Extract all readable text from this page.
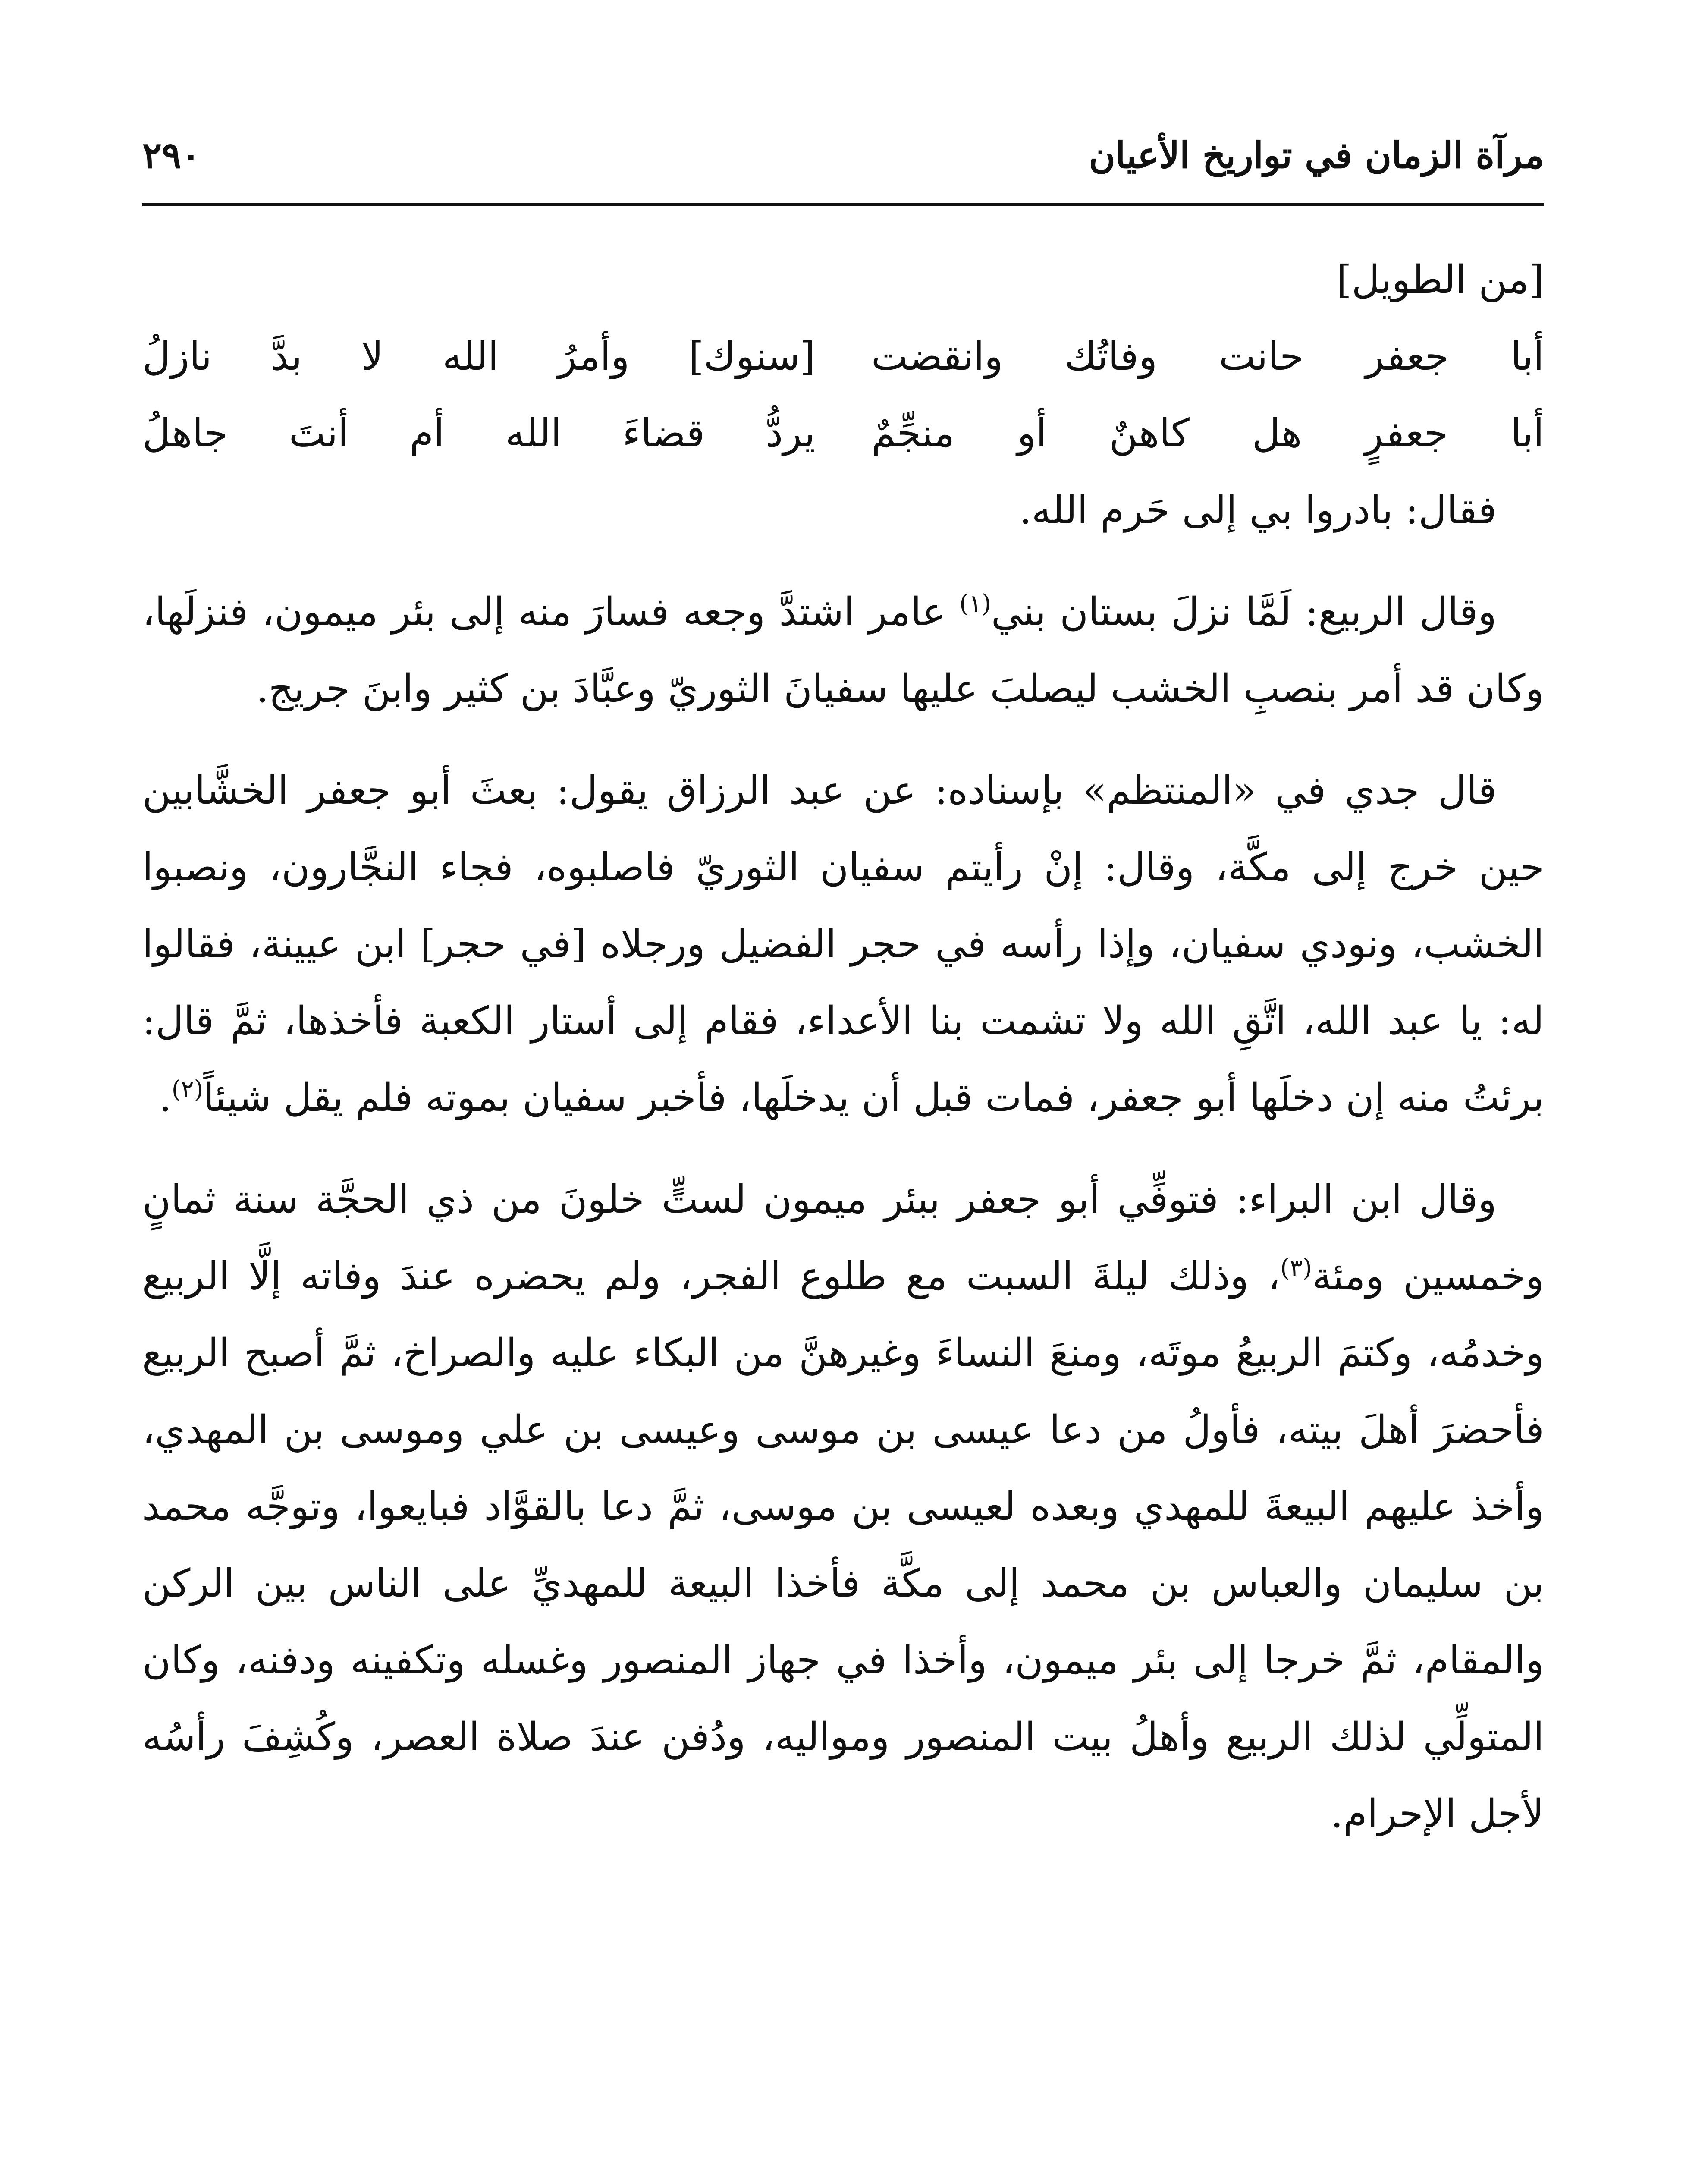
مرآة الزمان في تواريخ الأعيان
٢٩٠

[من الطويل]

أبا جعفر حانت وفاتُك وانقضت
[سنوك] وأمرُ الله لا بدَّ نازلُ
أبا جعفرٍ هل كاهنٌ أو منجِّمٌ
يردُّ قضاءَ الله أم أنتَ جاهلُ

فقال: بادروا بي إلى حَرم الله.

وقال الربيع: لَمَّا نزلَ بستان بني$^{(١)}$ عامر اشتدَّ وجعه فسارَ منه إلى بئر ميمون، فنزلَها، وكان قد أمر بنصبِ الخشب ليصلبَ عليها سفيانَ الثوريّ وعبَّادَ بن كثير وابنَ جريج.

قال جدي في «المنتظم» بإسناده: عن عبد الرزاق يقول: بعثَ أبو جعفر الخشَّابين حين خرج إلى مكَّة، وقال: إنْ رأيتم سفيان الثوريّ فاصلبوه، فجاء النجَّارون، ونصبوا الخشب، ونودي سفيان، وإذا رأسه في حجر الفضيل ورجلاه [في حجر] ابن عيينة، فقالوا له: يا عبد الله، اتَّقِ الله ولا تشمت بنا الأعداء، فقام إلى أستار الكعبة فأخذها، ثمَّ قال: برئتُ منه إن دخلَها أبو جعفر، فمات قبل أن يدخلَها، فأخبر سفيان بموته فلم يقل شيئاً$^{(٢)}$.

وقال ابن البراء: فتوفِّي أبو جعفر ببئر ميمون لستٍّ خلونَ من ذي الحجَّة سنة ثمانٍ وخمسين ومئة$^{(٣)}$، وذلك ليلةَ السبت مع طلوع الفجر، ولم يحضره عندَ وفاته إلَّا الربيع وخدمُه، وكتمَ الربيعُ موتَه، ومنعَ النساءَ وغيرهنَّ من البكاء عليه والصراخ، ثمَّ أصبح الربيع فأحضرَ أهلَ بيته، فأولُ من دعا عيسى بن موسى وعيسى بن علي وموسى بن المهدي، وأخذ عليهم البيعةَ للمهدي وبعده لعيسى بن موسى، ثمَّ دعا بالقوَّاد فبايعوا، وتوجَّه محمد بن سليمان والعباس بن محمد إلى مكَّة فأخذا البيعة للمهديِّ على الناس بين الركن والمقام، ثمَّ خرجا إلى بئر ميمون، وأخذا في جهاز المنصور وغسله وتكفينه ودفنه، وكان المتولِّي لذلك الربيع وأهلُ بيت المنصور ومواليه، ودُفن عندَ صلاة العصر، وكُشِفَ رأسُه لأجل الإحرام.
